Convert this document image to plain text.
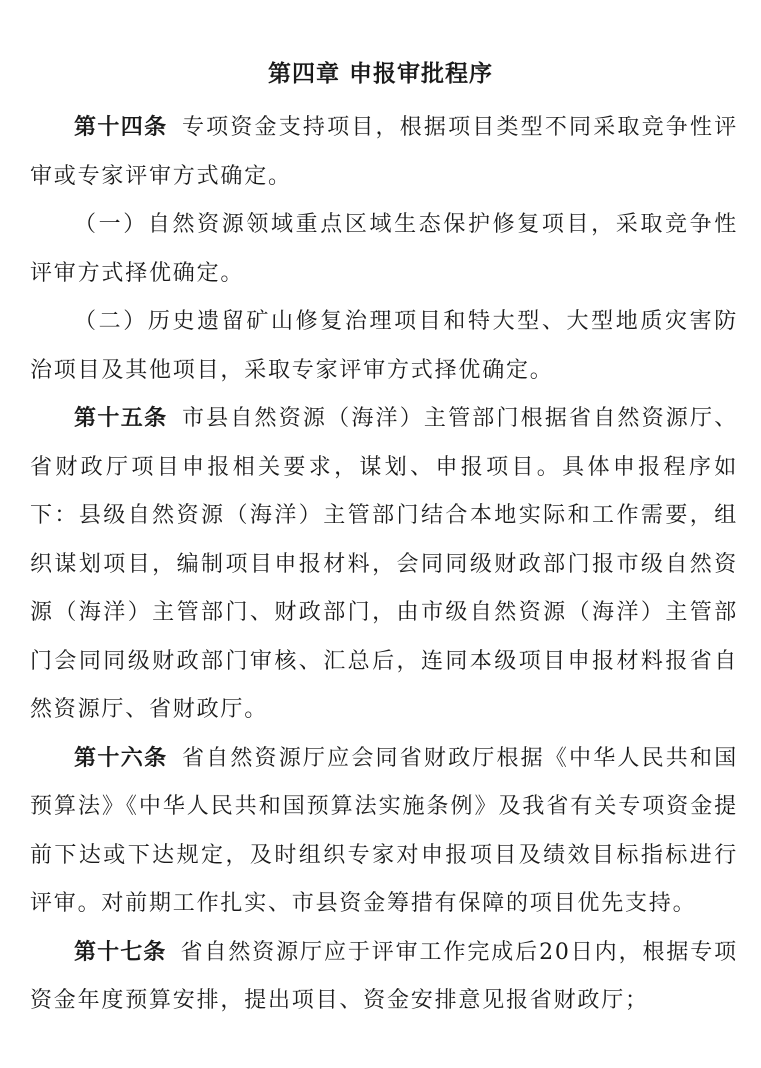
第四章 申报审批程序

第十四条 专项资金支持项目，根据项目类型不同采取竞争性评审或专家评审方式确定。

（一）自然资源领域重点区域生态保护修复项目，采取竞争性评审方式择优确定。

（二）历史遗留矿山修复治理项目和特大型、大型地质灾害防治项目及其他项目，采取专家评审方式择优确定。

第十五条 市县自然资源（海洋）主管部门根据省自然资源厅、省财政厅项目申报相关要求，谋划、申报项目。具体申报程序如下：县级自然资源（海洋）主管部门结合本地实际和工作需要，组织谋划项目，编制项目申报材料，会同同级财政部门报市级自然资源（海洋）主管部门、财政部门，由市级自然资源（海洋）主管部门会同同级财政部门审核、汇总后，连同本级项目申报材料报省自然资源厅、省财政厅。

第十六条 省自然资源厅应会同省财政厅根据《中华人民共和国预算法》《中华人民共和国预算法实施条例》及我省有关专项资金提前下达或下达规定，及时组织专家对申报项目及绩效目标指标进行评审。对前期工作扎实、市县资金筹措有保障的项目优先支持。

第十七条 省自然资源厅应于评审工作完成后20日内，根据专项资金年度预算安排，提出项目、资金安排意见报省财政厅；
